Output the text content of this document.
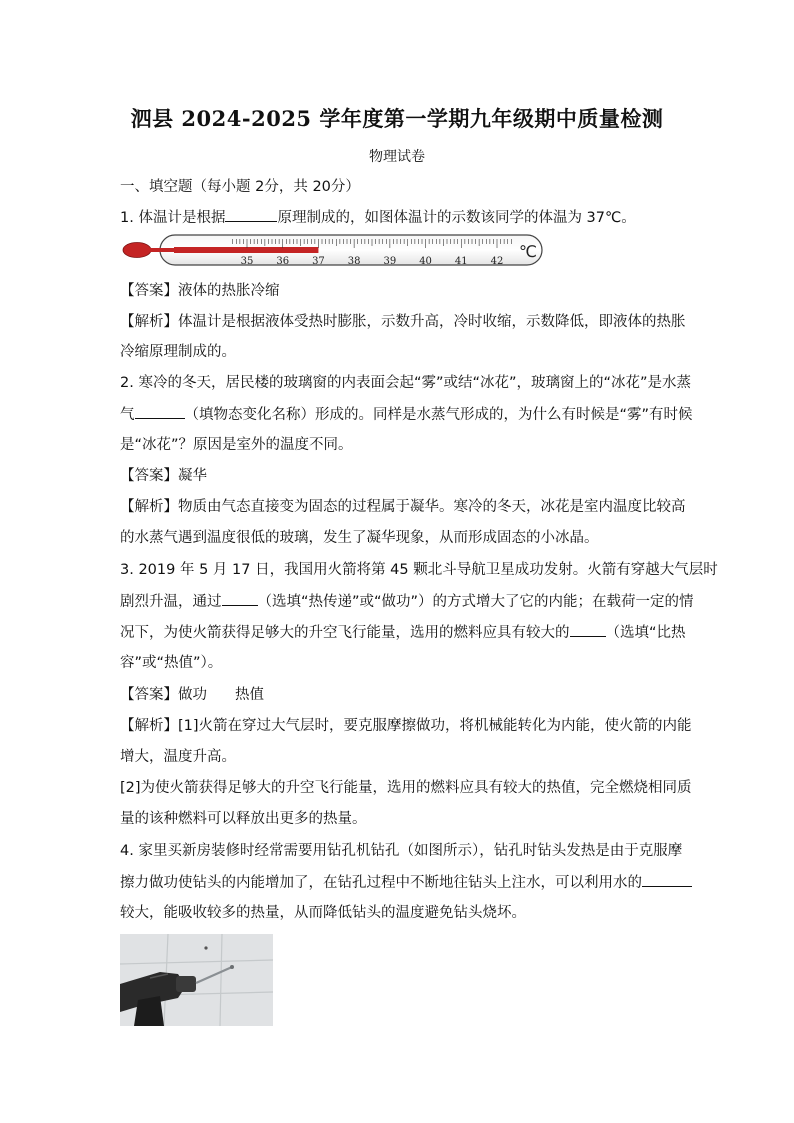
泗县 2024-2025 学年度第一学期九年级期中质量检测
物理试卷
一、填空题（每小题 2分，共 20分）
1. 体温计是根据	原理制成的，如图体温计的示数该同学的体温为 37℃。
35 36 37 38 39 40 41 42
℃
【答案】液体的热胀冷缩
【解析】体温计是根据液体受热时膨胀，示数升高，冷时收缩，示数降低，即液体的热胀
冷缩原理制成的。
2. 寒冷的冬天，居民楼的玻璃窗的内表面会起“雾”或结“冰花”，玻璃窗上的“冰花”是水蒸
气	（填物态变化名称）形成的。同样是水蒸气形成的，为什么有时候是“雾”有时候
是“冰花”？原因是室外的温度不同。
【答案】凝华
【解析】物质由气态直接变为固态的过程属于凝华。寒冷的冬天，冰花是室内温度比较高
的水蒸气遇到温度很低的玻璃，发生了凝华现象，从而形成固态的小冰晶。
3. 2019 年 5 月 17 日，我国用火箭将第 45 颗北斗导航卫星成功发射。火箭有穿越大气层时
剧烈升温，通过 （选填“热传递”或“做功”）的方式增大了它的内能；在载荷一定的情
况下，为使火箭获得足够大的升空飞行能量，选用的燃料应具有较大的 （选填“比热
容”或“热值”）。
【答案】做功 热值
【解析】[1]火箭在穿过大气层时，要克服摩擦做功，将机械能转化为内能，使火箭的内能
增大，温度升高。
[2]为使火箭获得足够大的升空飞行能量，选用的燃料应具有较大的热值，完全燃烧相同质
量的该种燃料可以释放出更多的热量。
4. 家里买新房装修时经常需要用钻孔机钻孔（如图所示），钻孔时钻头发热是由于克服摩
擦力做功使钻头的内能增加了，在钻孔过程中不断地往钻头上注水，可以利用水的
较大，能吸收较多的热量，从而降低钻头的温度避免钻头烧坏。
